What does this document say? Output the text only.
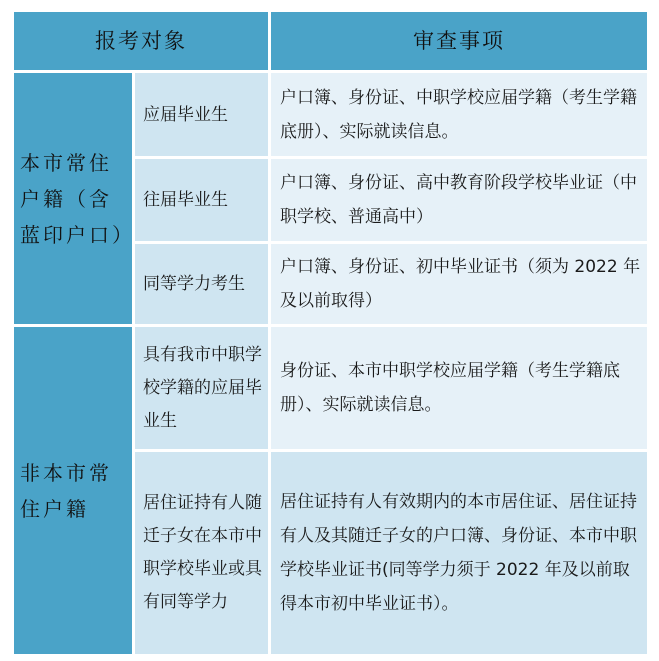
报考对象	审查事项
本市常住户籍（含蓝印户口）
应届毕业生
户口簿、身份证、中职学校应届学籍（考生学籍底册）、实际就读信息。
往届毕业生
户口簿、身份证、高中教育阶段学校毕业证（中职学校、普通高中）
同等学力考生
户口簿、身份证、初中毕业证书（须为 2022 年及以前取得）
非本市常住户籍
具有我市中职学校学籍的应届毕业生
身份证、本市中职学校应届学籍（考生学籍底册）、实际就读信息。
居住证持有人随迁子女在本市中职学校毕业或具有同等学力
居住证持有人有效期内的本市居住证、居住证持有人及其随迁子女的户口簿、身份证、本市中职学校毕业证书(同等学力须于 2022 年及以前取得本市初中毕业证书）。
